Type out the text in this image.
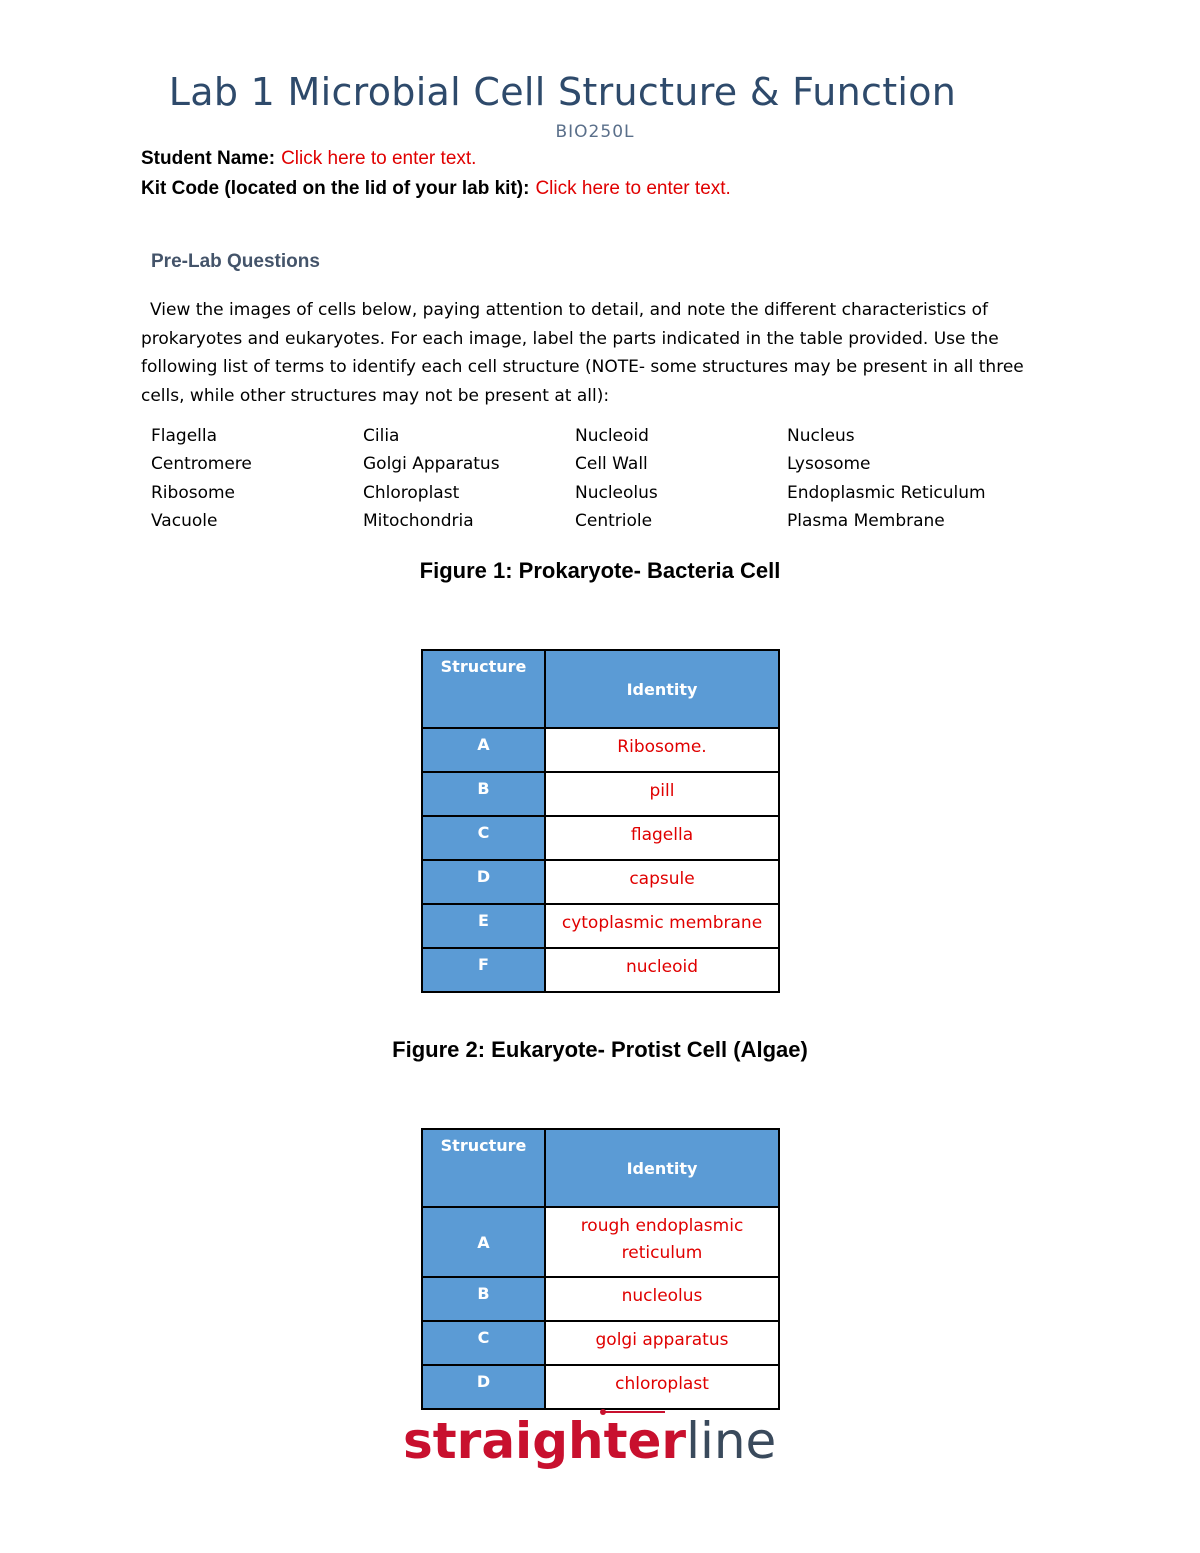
Lab 1 Microbial Cell Structure & Function
BIO250L
Student Name: Click here to enter text.
Kit Code (located on the lid of your lab kit): Click here to enter text.
Pre-Lab Questions
View the images of cells below, paying attention to detail, and note the different characteristics of prokaryotes and eukaryotes. For each image, label the parts indicated in the table provided. Use the following list of terms to identify each cell structure (NOTE- some structures may be present in all three cells, while other structures may not be present at all):
Flagella	Cilia	Nucleoid	Nucleus
Centromere	Golgi Apparatus	Cell Wall	Lysosome
Ribosome	Chloroplast	Nucleolus	Endoplasmic Reticulum
Vacuole	Mitochondria	Centriole	Plasma Membrane
Figure 1: Prokaryote- Bacteria Cell
Structure	Identity
A	Ribosome.
B	pill
C	flagella
D	capsule
E	cytoplasmic membrane
F	nucleoid
Figure 2: Eukaryote- Protist Cell (Algae)
Structure	Identity
A	rough endoplasmic reticulum
B	nucleolus
C	golgi apparatus
D	chloroplast
straighter line
